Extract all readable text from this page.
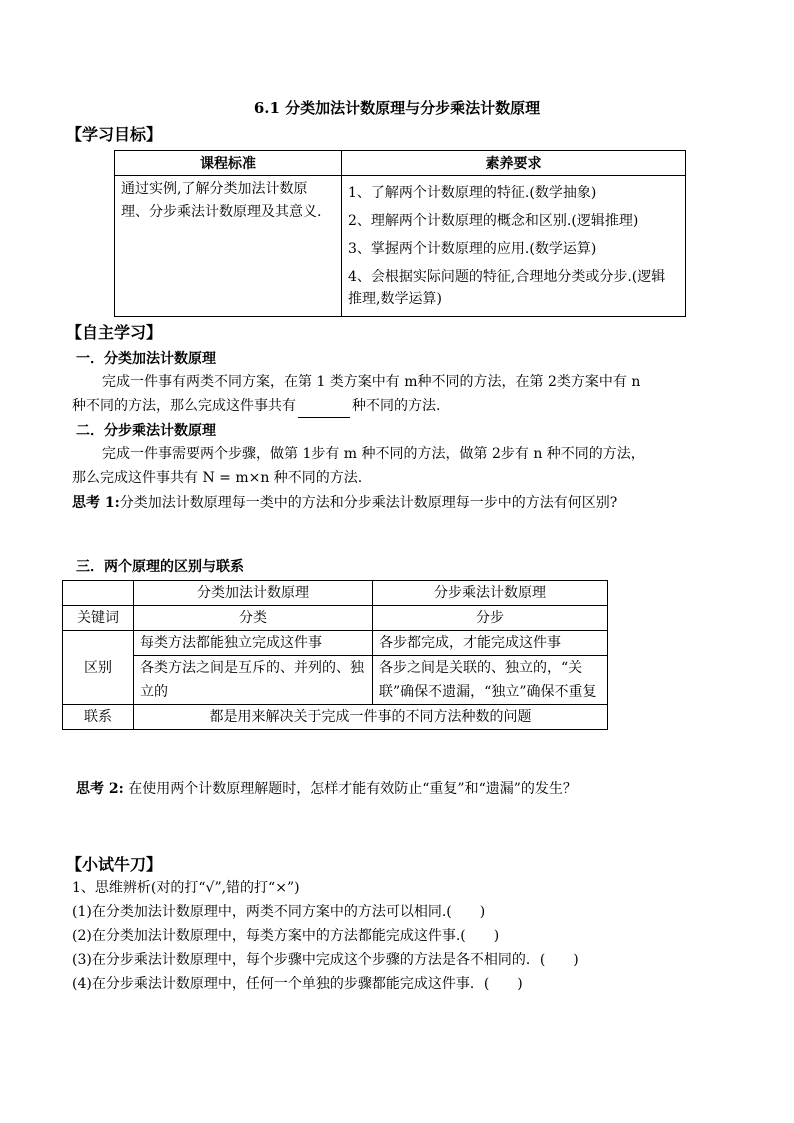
6.1 分类加法计数原理与分步乘法计数原理
【学习目标】
课程标准	素养要求
通过实例,了解分类加法计数原理、分步乘法计数原理及其意义.	1、了解两个计数原理的特征.(数学抽象)
2、理解两个计数原理的概念和区别.(逻辑推理)
3、掌握两个计数原理的应用.(数学运算)
4、会根据实际问题的特征,合理地分类或分步.(逻辑推理,数学运算)
【自主学习】
一．分类加法计数原理
完成一件事有两类不同方案，在第 1 类方案中有 m种不同的方法，在第 2类方案中有 n
种不同的方法，那么完成这件事共有	种不同的方法.
二．分步乘法计数原理
完成一件事需要两个步骤，做第 1步有 m 种不同的方法，做第 2步有 n 种不同的方法，
那么完成这件事共有 N = m×n 种不同的方法.
思考 1:分类加法计数原理每一类中的方法和分步乘法计数原理每一步中的方法有何区别?
三．两个原理的区别与联系
	分类加法计数原理	分步乘法计数原理
关键词	分类	分步
区别	每类方法都能独立完成这件事	各步都完成，才能完成这件事
	各类方法之间是互斥的、并列的、独立的	各步之间是关联的、独立的，“关联”确保不遗漏，“独立”确保不重复
联系	都是用来解决关于完成一件事的不同方法种数的问题	
思考 2: 在使用两个计数原理解题时，怎样才能有效防止“重复”和“遗漏”的发生？
【小试牛刀】
1、思维辨析(对的打“√”,错的打“×”)
(1)在分类加法计数原理中，两类不同方案中的方法可以相同.(　　)
(2)在分类加法计数原理中，每类方案中的方法都能完成这件事.(　　)
(3)在分步乘法计数原理中，每个步骤中完成这个步骤的方法是各不相同的．(　　)
(4)在分步乘法计数原理中，任何一个单独的步骤都能完成这件事．(　　)
